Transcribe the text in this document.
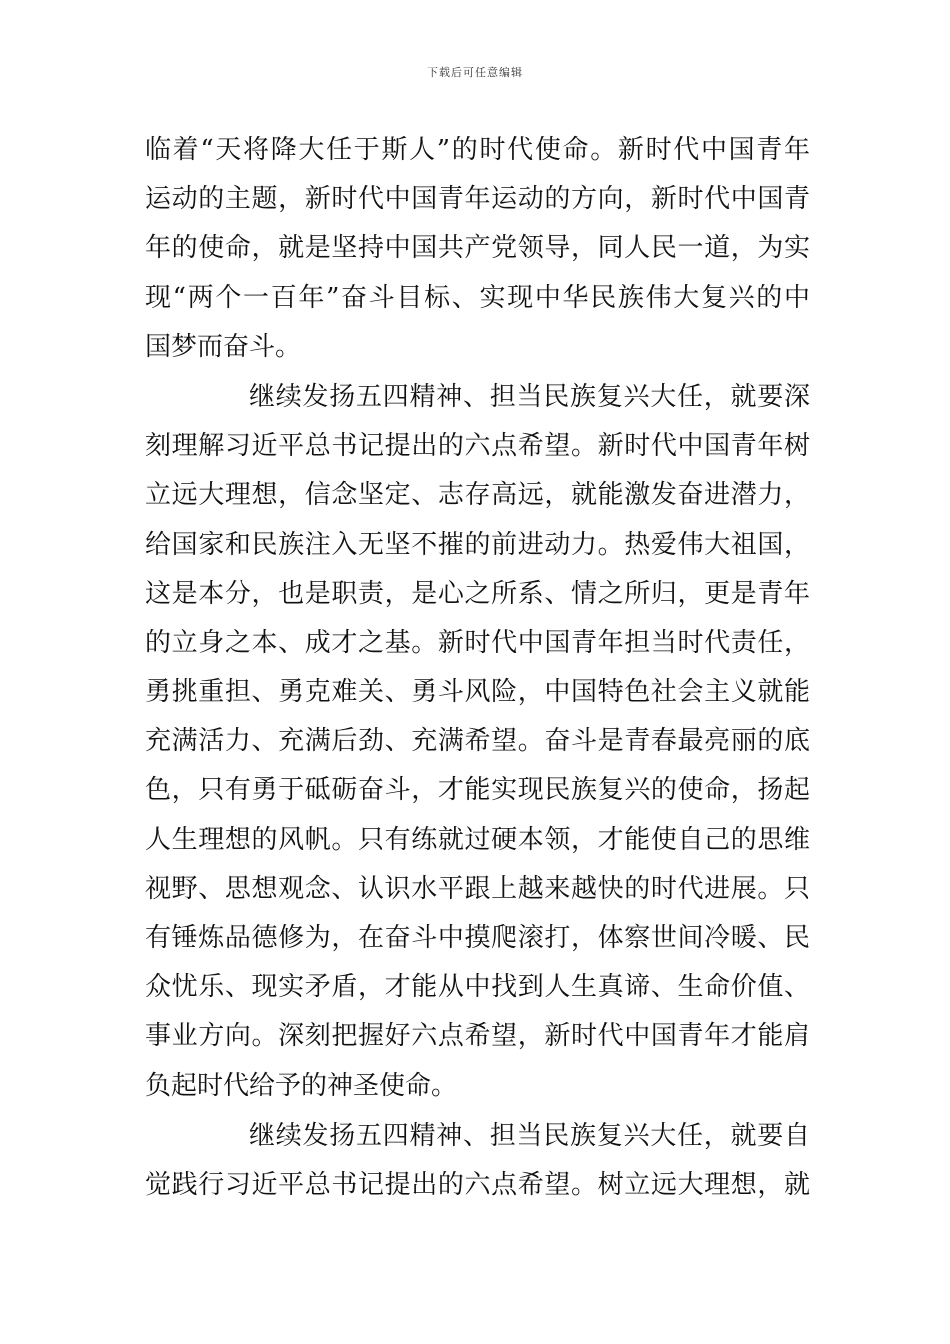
下载后可任意编辑
临着“天将降大任于斯人”的时代使命。新时代中国青年
运动的主题，新时代中国青年运动的方向，新时代中国青
年的使命，就是坚持中国共产党领导，同人民一道，为实
现“两个一百年”奋斗目标、实现中华民族伟大复兴的中
国梦而奋斗。
继续发扬五四精神、担当民族复兴大任，就要深
刻理解习近平总书记提出的六点希望。新时代中国青年树
立远大理想，信念坚定、志存高远，就能激发奋进潜力，
给国家和民族注入无坚不摧的前进动力。热爱伟大祖国，
这是本分，也是职责，是心之所系、情之所归，更是青年
的立身之本、成才之基。新时代中国青年担当时代责任，
勇挑重担、勇克难关、勇斗风险，中国特色社会主义就能
充满活力、充满后劲、充满希望。奋斗是青春最亮丽的底
色，只有勇于砥砺奋斗，才能实现民族复兴的使命，扬起
人生理想的风帆。只有练就过硬本领，才能使自己的思维
视野、思想观念、认识水平跟上越来越快的时代进展。只
有锤炼品德修为，在奋斗中摸爬滚打，体察世间冷暖、民
众忧乐、现实矛盾，才能从中找到人生真谛、生命价值、
事业方向。深刻把握好六点希望，新时代中国青年才能肩
负起时代给予的神圣使命。
继续发扬五四精神、担当民族复兴大任，就要自
觉践行习近平总书记提出的六点希望。树立远大理想，就
